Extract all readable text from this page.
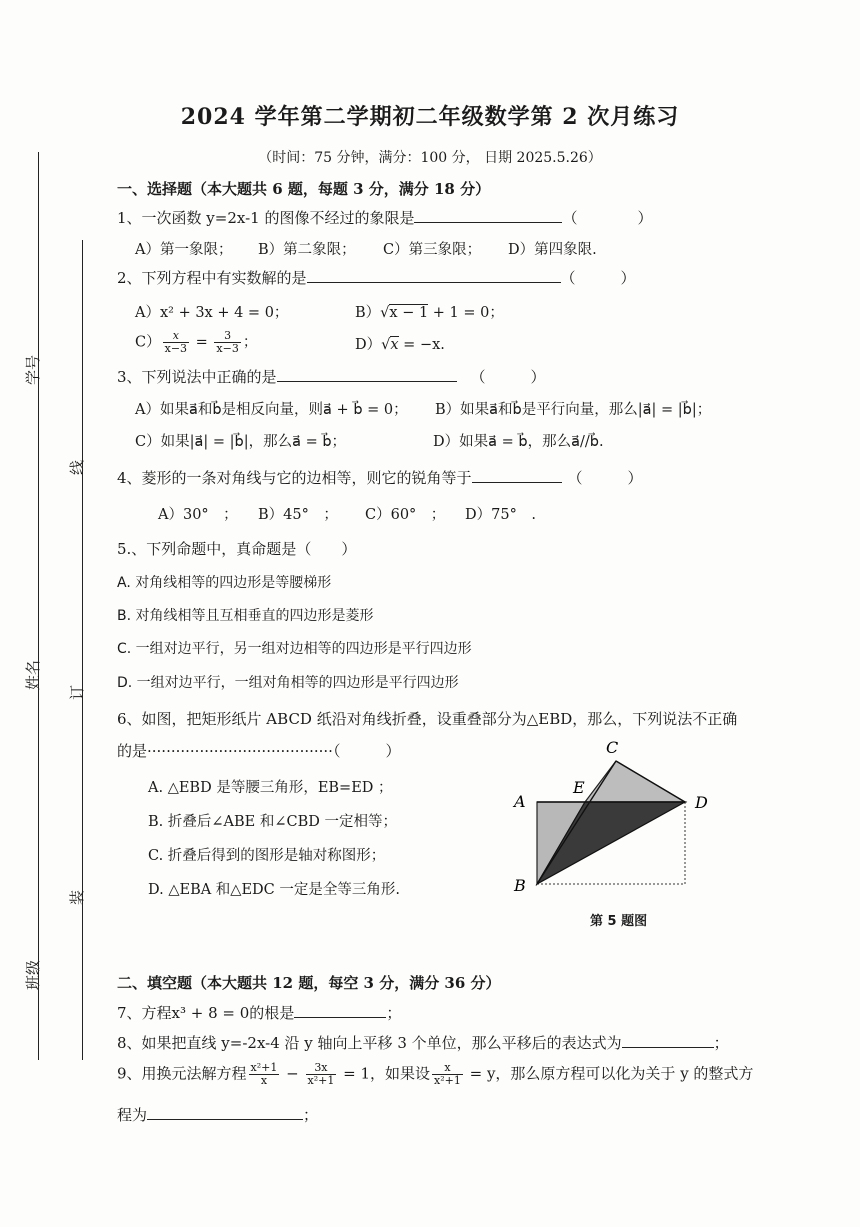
2024 学年第二学期初二年级数学第 2 次月练习
（时间：75 分钟，满分：100 分， 日期 2025.5.26）
学号
姓名
班级
线
订
装
一、选择题（本大题共 6 题，每题 3 分，满分 18 分）
1、一次函数 y=2x-1 的图像不经过的象限是	（　　　　）
A）第一象限； B）第二象限； C）第三象限； D）第四象限.
2、下列方程中有实数解的是	（　　　）
A）x² + 3x + 4 = 0；	B）√x − 1 + 1 = 0；
$C) \frac{x}{x-3} = \frac{3}{x-3}$ ；	D）√x = −x.
3、下列说法中正确的是	（　　　）
A）如果a⃗和b⃗是相反向量，则a⃗ + b⃗ = 0； B）如果a⃗和b⃗是平行向量，那么|a⃗| = |b⃗|；
C）如果|a⃗| = |b⃗|，那么a⃗ = b⃗；	D）如果a⃗ = b⃗，那么a⃗//b⃗.
4、菱形的一条对角线与它的边相等，则它的锐角等于	（　　　）
A）30°　； B）45°　； C）60°　； D）75°　.
5.、下列命题中，真命题是（　　）
A. 对角线相等的四边形是等腰梯形
B. 对角线相等且互相垂直的四边形是菱形
C. 一组对边平行，另一组对边相等的四边形是平行四边形
D. 一组对边平行，一组对角相等的四边形是平行四边形
6、如图，把矩形纸片 ABCD 纸沿对角线折叠，设重叠部分为△EBD，那么，下列说法不正确
的是·······································（　　　）
A. △EBD 是等腰三角形，EB=ED ；
B. 折叠后∠ABE 和∠CBD 一定相等；
C. 折叠后得到的图形是轴对称图形；
D. △EBA 和△EDC 一定是全等三角形.
C
E
A	D
B
第 5 题图
二、填空题（本大题共 12 题，每空 3 分，满分 36 分）
7、方程x³ + 8 = 0的根是	；
8、如果把直线 y=-2x-4 沿 y 轴向上平移 3 个单位，那么平移后的表达式为	；
9、用换元法解方程 $\frac{\text{x²+1}}{x} - \frac{3x}{\text{x²+1}} = 1$，如果设 $\frac{x}{\text{x²+1}} = y$，那么原方程可以化为关于 y 的整式方
程为	；
